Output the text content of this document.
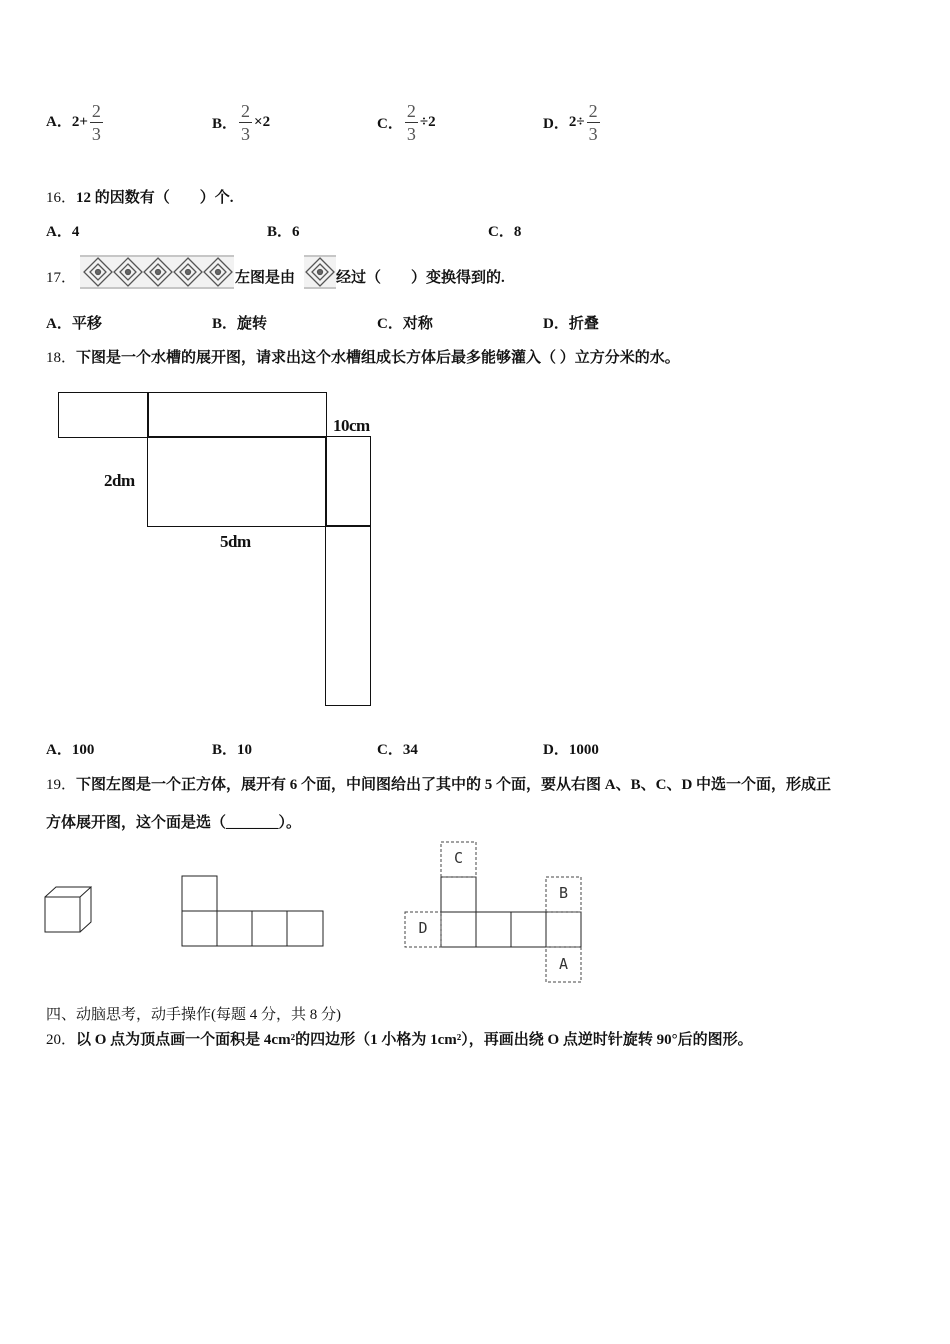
A．$2+ \frac{2}{3}$	B． $\frac{2}{3} \times 2$	C． $\frac{2}{3} \div 2$	D．$2\div \frac{2}{3}$
16．12 的因数有（　　）个.
A．4	B．6	C．8
17．	左图是由	经过（　　）变换得到的.
A．平移	B．旋转	C．对称	D．折叠
18．下图是一个水槽的展开图，请求出这个水槽组成长方体后最多能够灌入（ ）立方分米的水。
10cm
2dm
5dm
A．100	B．10	C．34	D．1000
19．下图左图是一个正方体，展开有 6 个面，中间图给出了其中的 5 个面，要从右图 A、B、C、D 中选一个面，形成正
方体展开图，这个面是选（_______）。
C
B
D
A
四、动脑思考，动手操作(每题 4 分，共 8 分)
20．以 O 点为顶点画一个面积是 4cm²的四边形（1 小格为 1cm²），再画出绕 O 点逆时针旋转 90°后的图形。
